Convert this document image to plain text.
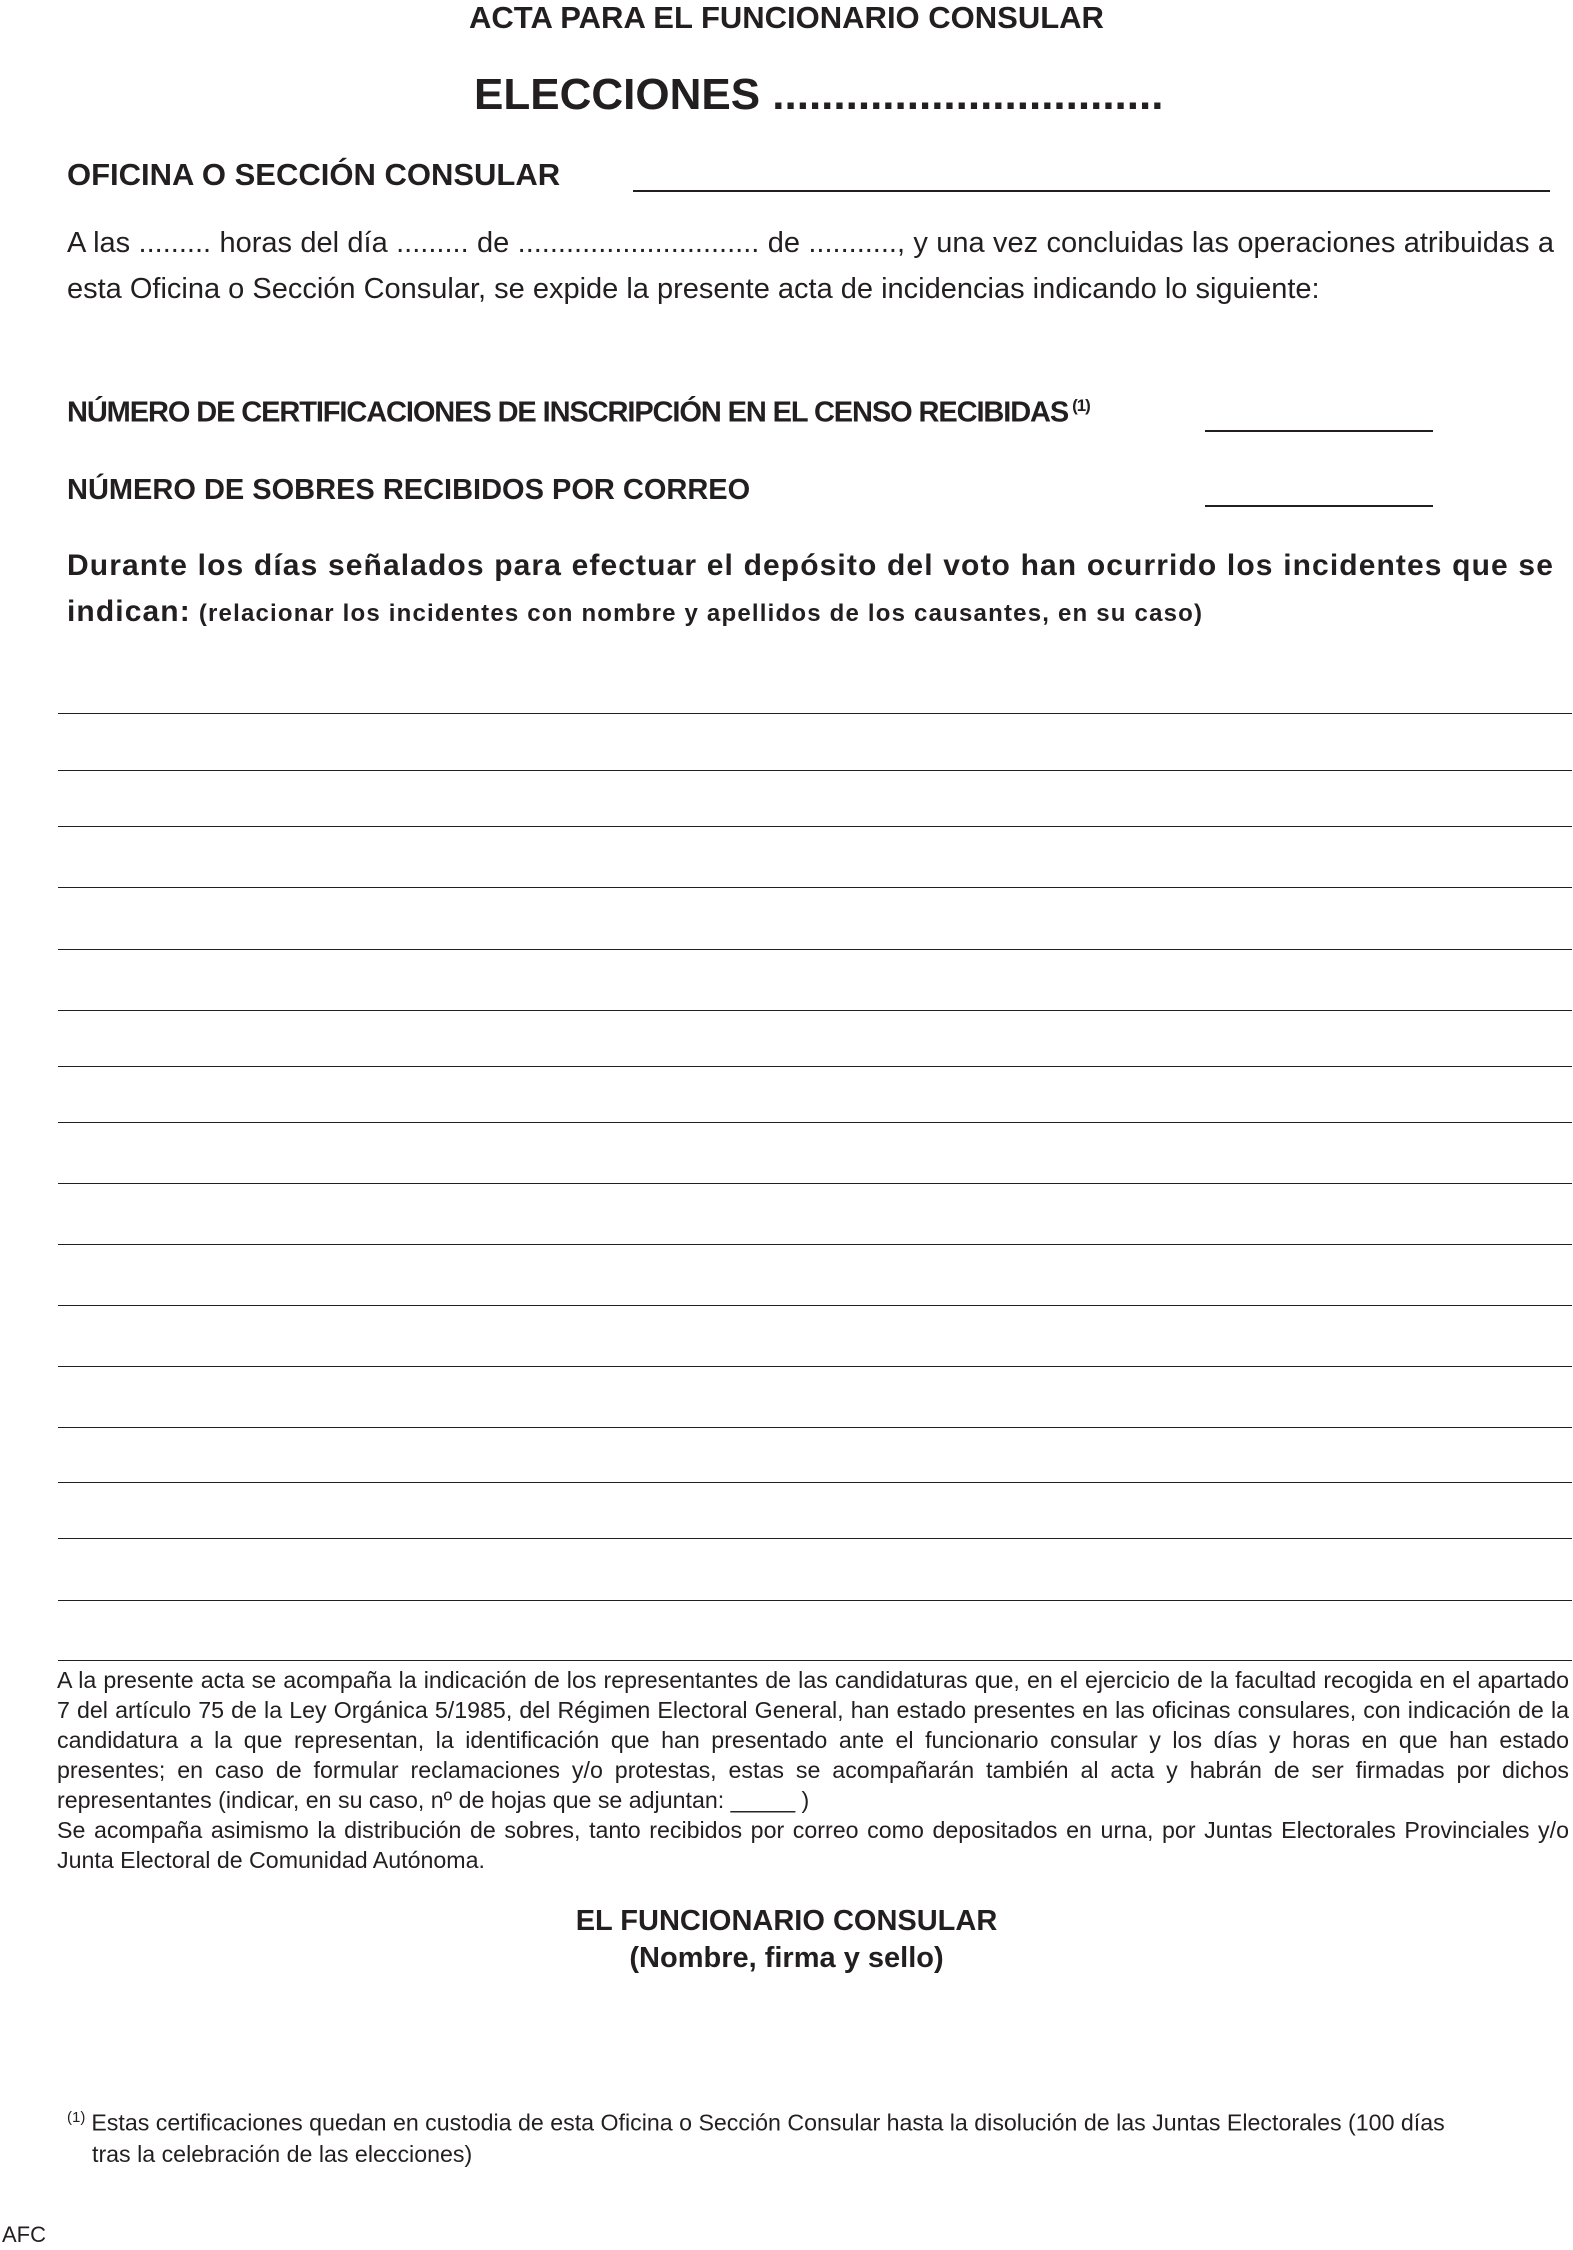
ACTA PARA EL FUNCIONARIO CONSULAR
ELECCIONES ................................
OFICINA O SECCIÓN CONSULAR
A las ......... horas del día ......... de .............................. de ..........., y una vez concluidas las operaciones atribuidas a esta Oficina o Sección Consular, se expide la presente acta de incidencias indicando lo siguiente:
NÚMERO DE CERTIFICACIONES DE INSCRIPCIÓN EN EL CENSO RECIBIDAS $^{(1)}$
NÚMERO DE SOBRES RECIBIDOS POR CORREO
Durante los días señalados para efectuar el depósito del voto han ocurrido los incidentes que se indican: (relacionar los incidentes con nombre y apellidos de los causantes, en su caso)

A la presente acta se acompaña la indicación de los representantes de las candidaturas que, en el ejercicio de la facultad recogida en el apartado 7 del artículo 75 de la Ley Orgánica 5/1985, del Régimen Electoral General, han estado presentes en las oficinas consulares, con indicación de la candidatura a la que representan, la identificación que han presentado ante el funcionario consular y los días y horas en que han estado presentes; en caso de formular reclamaciones y/o protestas, estas se acompañarán también al acta y habrán de ser firmadas por dichos representantes (indicar, en su caso, nº de hojas que se adjuntan: _____ )

Se acompaña asimismo la distribución de sobres, tanto recibidos por correo como depositados en urna, por Juntas Electorales Provinciales y/o Junta Electoral de Comunidad Autónoma.

EL FUNCIONARIO CONSULAR
(Nombre, firma y sello)
$^{(1)}$ Estas certificaciones quedan en custodia de esta Oficina o Sección Consular hasta la disolución de las Juntas Electorales (100 días
tras la celebración de las elecciones)
AFC
